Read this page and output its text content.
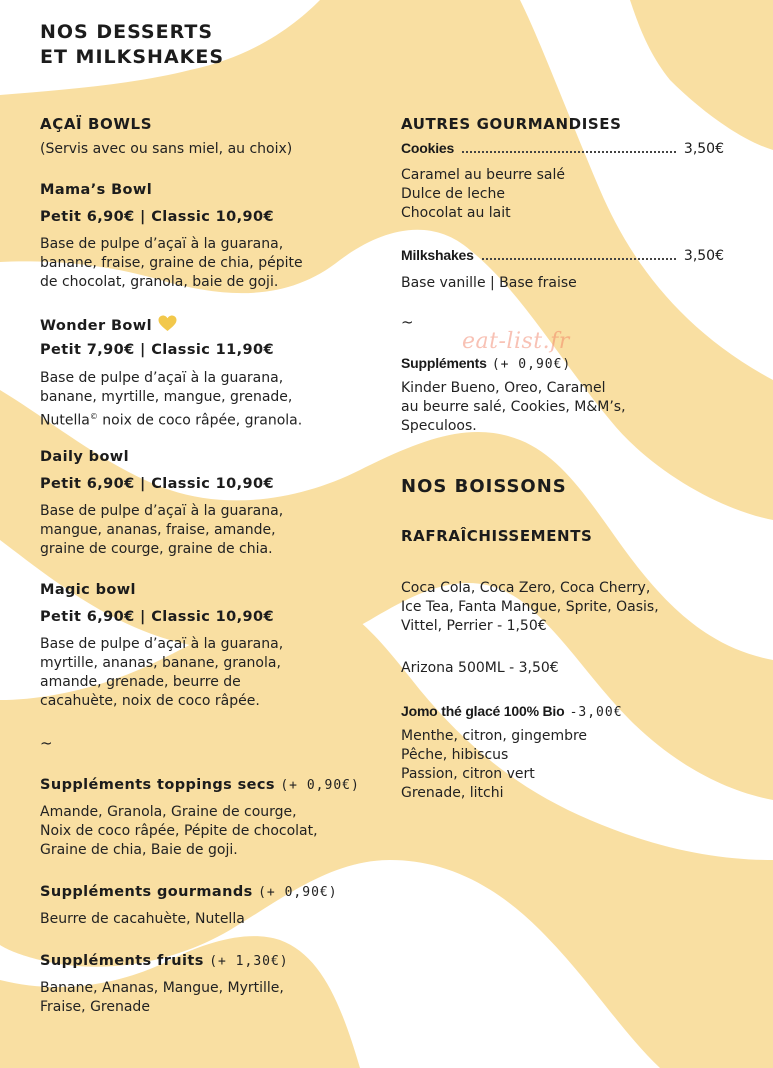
NOS DESSERTS
ET MILKSHAKES
AÇAÏ BOWLS
(Servis avec ou sans miel, au choix)
Mama’s Bowl
Petit 6,90€ | Classic 10,90€
Base de pulpe d’açaï à la guarana,
banane, fraise, graine de chia, pépite
de chocolat, granola, baie de goji.
Wonder Bowl
Petit 7,90€ | Classic 11,90€
Base de pulpe d’açaï à la guarana,
banane, myrtille, mangue, grenade,
Nutella© noix de coco râpée, granola.
Daily bowl
Petit 6,90€ | Classic 10,90€
Base de pulpe d’açaï à la guarana,
mangue, ananas, fraise, amande,
graine de courge, graine de chia.
Magic bowl
Petit 6,90€ | Classic 10,90€
Base de pulpe d’açaï à la guarana,
myrtille, ananas, banane, granola,
amande, grenade, beurre de
cacahuète, noix de coco râpée.
~
Suppléments toppings secs (+ 0,90€)
Amande, Granola, Graine de courge,
Noix de coco râpée, Pépite de chocolat,
Graine de chia, Baie de goji.
Suppléments gourmands (+ 0,90€)
Beurre de cacahuète, Nutella
Suppléments fruits (+ 1,30€)
Banane, Ananas, Mangue, Myrtille,
Fraise, Grenade
AUTRES GOURMANDISES
Cookies	3,50€
Caramel au beurre salé
Dulce de leche
Chocolat au lait
Milkshakes	3,50€
Base vanille | Base fraise
~
eat-list.fr
Suppléments (+ 0,90€)
Kinder Bueno, Oreo, Caramel
au beurre salé, Cookies, M&M’s,
Speculoos.
NOS BOISSONS
RAFRAÎCHISSEMENTS
Coca Cola, Coca Zero, Coca Cherry,
Ice Tea, Fanta Mangue, Sprite, Oasis,
Vittel, Perrier - 1,50€
Arizona 500ML - 3,50€
Jomo thé glacé 100% Bio -3,00€
Menthe, citron, gingembre
Pêche, hibiscus
Passion, citron vert
Grenade, litchi
